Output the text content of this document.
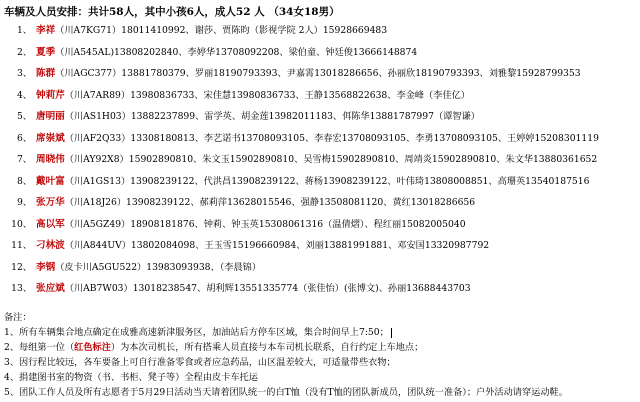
车辆及人员安排：共计58人，其中小孩6人，成人52 人 （34女18男）
1、 李祥（川A7KG71）18011410992、谢莎、贾陈昀（影视学院 2人）15928669483
2、 夏季（川A545AL)13808202840、李婷华13708092208、梁伯童、钟廷俊13666148874
3、 陈群（川AGC377）13881780379、罗丽18190793393、尹嘉霄13018286656、孙丽欣18190793393、刘雅黎15928799353
4、 钟莉芹（川A7AR89）13980836733、宋佳慧13980836733、王静13568822638、李金峰（李佳亿）
5、 唐明丽（川AS1H03）13882237899、雷学英、胡金莲13982011183、佴陈华13881787997（谭智谦）
6、 席崇斌（川AF2Q33）13308180813、李艺诺书13708093105、李春宏13708093105、李勇13708093105、王婷婷15208301119
7、 周晓伟（川AY92X8）15902890810、朱文玉15902890810、吴雪梅15902890810、周靖炎15902890810、朱文华13880361652
8、 戴叶富（川A1GS13）13908239122、代洪昌13908239122、蒋杨13908239122、叶伟琦13808008851、高珊英13540187516
9、 张万华（川A18J26）13908239122、郝莉萍13628015546、强静13508081120、黄红13018286656
10、 高以军（川A5GZ49）18908181876、钟莉、钟玉英15308061316（温倩熠）、程红丽15082005040
11、 刁林波（川A844UV）13802084098、王玉雪15196660984、刘丽13881991881、邓安国13320987792
12、 李钢（皮卡川A5GU522）13983093938、（李晨锦）
13、 张应斌（川AB7W03）13018238547、胡利辉13551335774（张佳怡）(张博文)、孙丽13688443703
备注：
1、所有车辆集合地点确定在成雅高速新津服务区，加油站后方停车区域，集合时间早上7:50；
2、每组第一位（红色标注）为本次司机长，所有搭乘人员直接与本车司机长联系，自行约定上车地点；
3、因行程比较远，各车要备上可自行准备零食或者应急药品，山区温差较大，可适量带些衣物；
4、捐建图书室的物资（书、书柜、凳子等）全程由皮卡车托运
5、团队工作人员及所有志愿者于5月29日活动当天请着团队统一的白T恤（没有T恤的团队新成员，团队统一准备）；户外活动请穿运动鞋。
